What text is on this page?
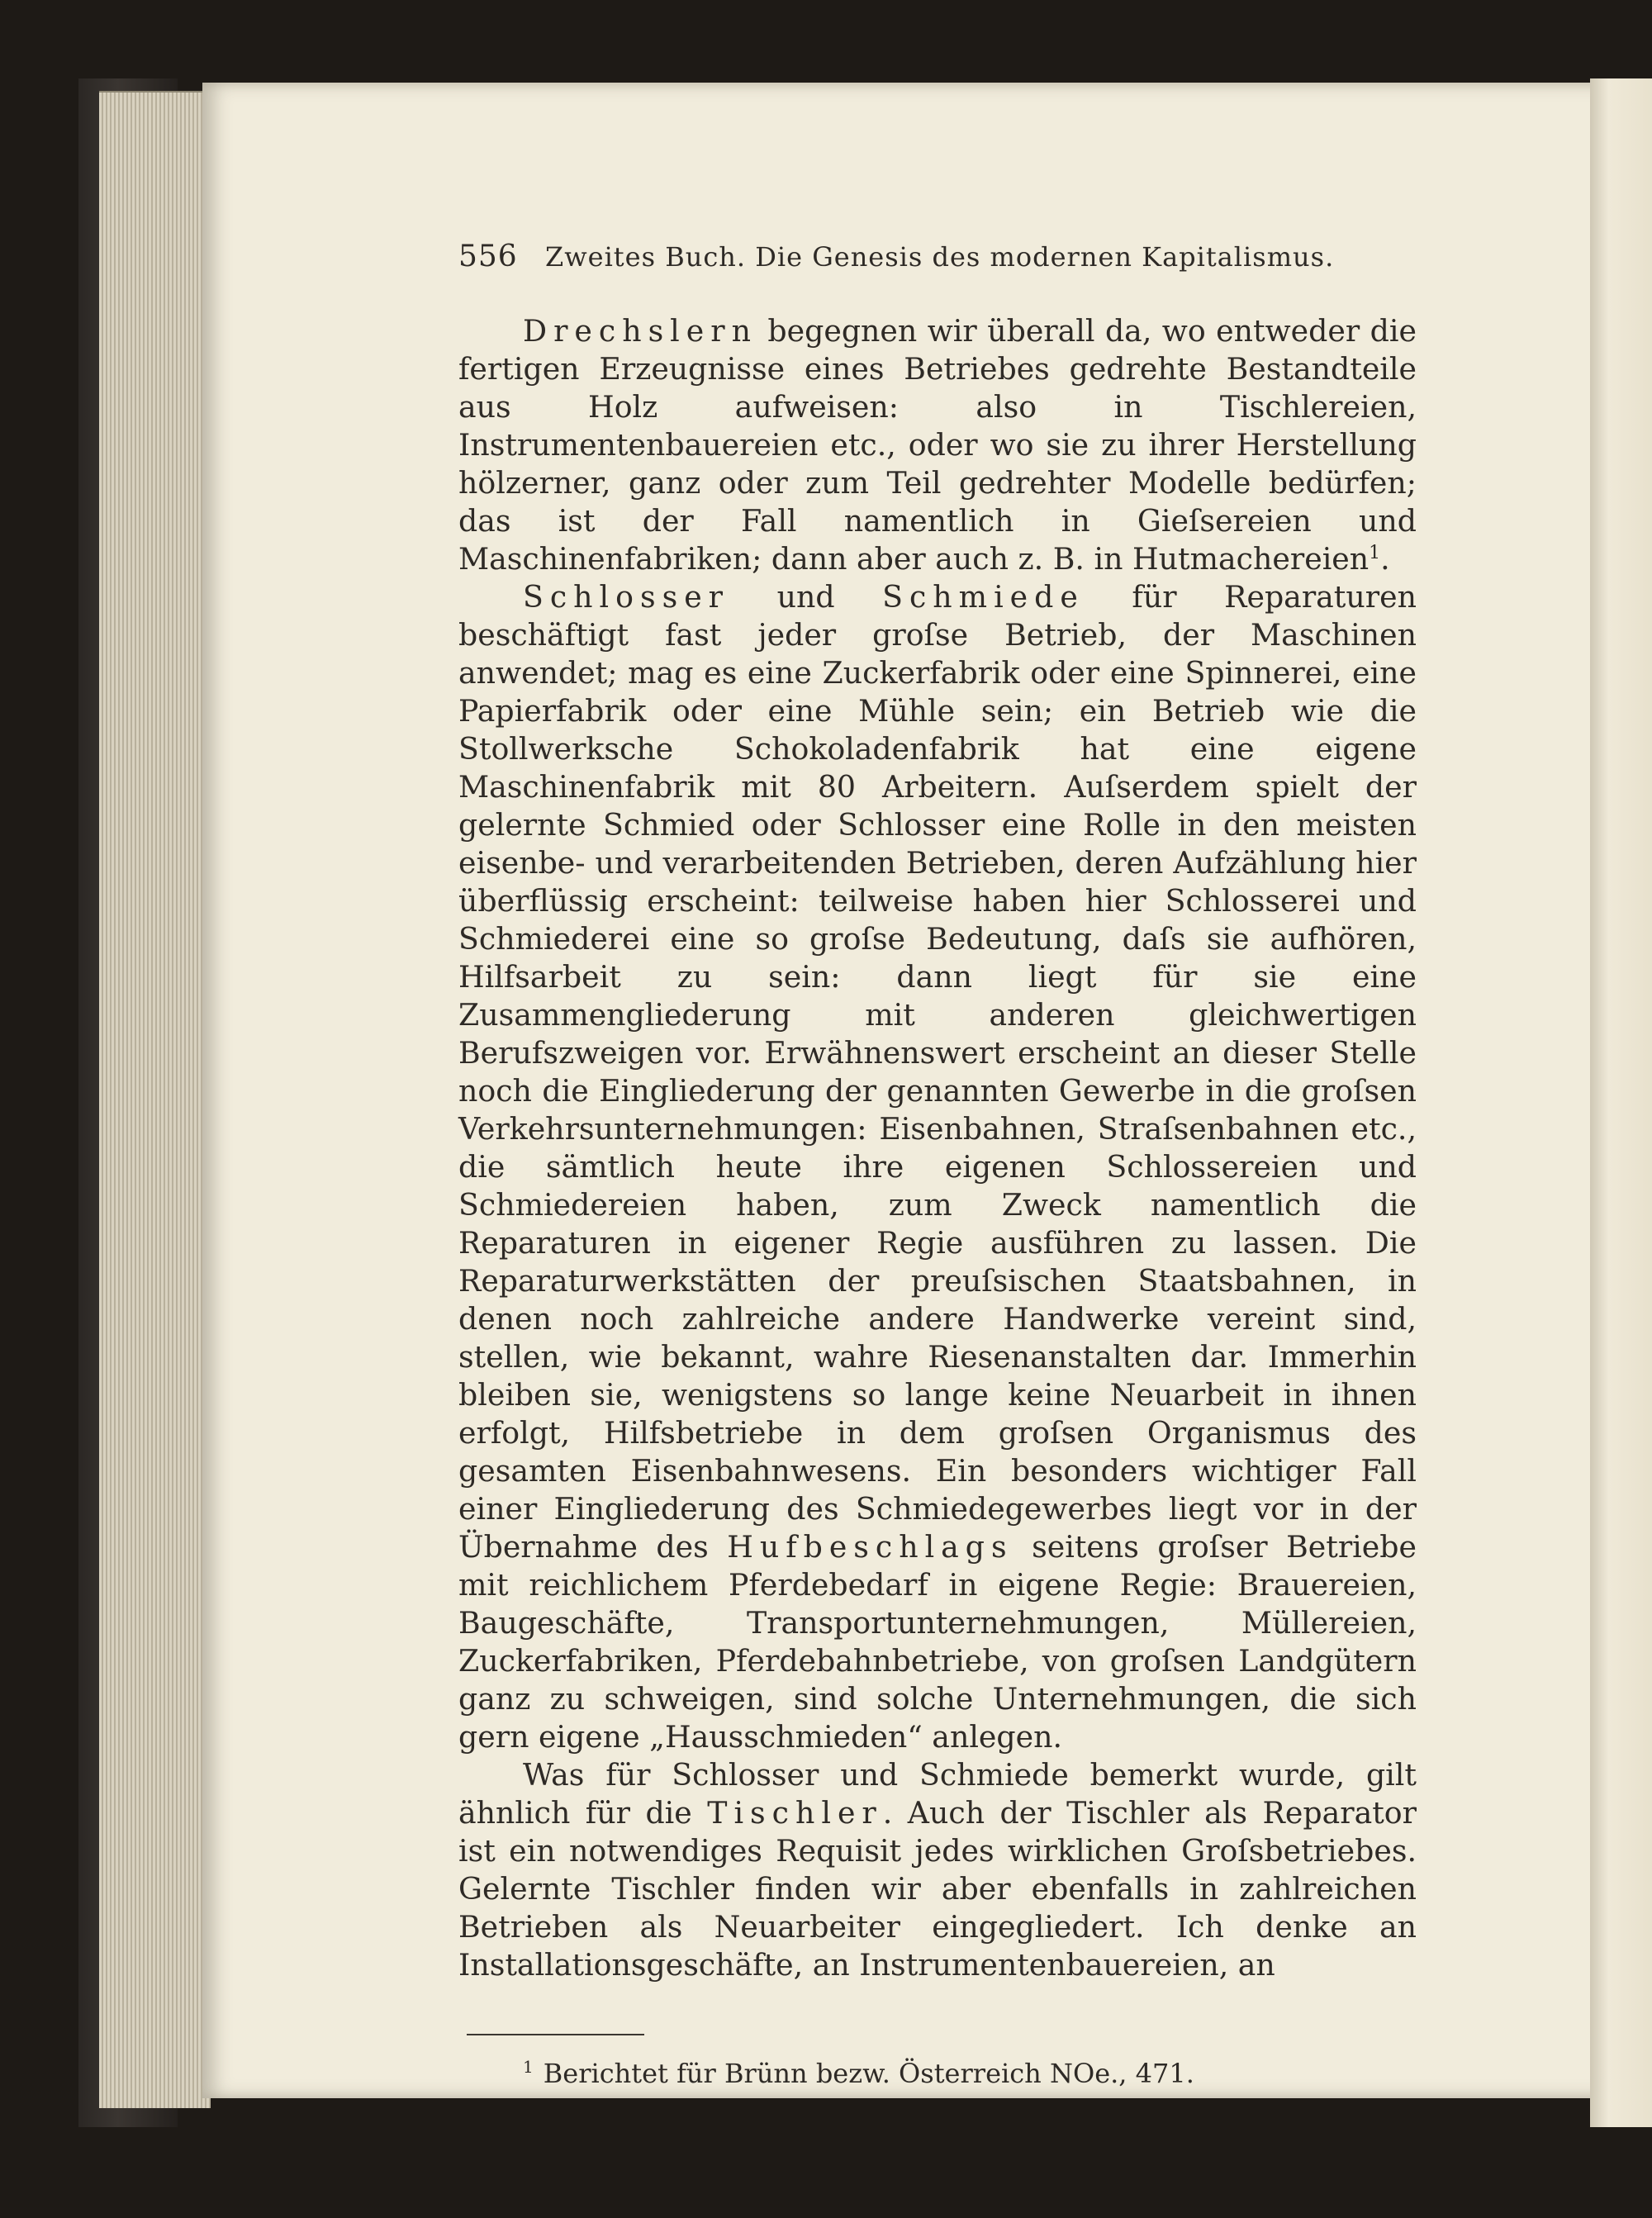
556	Zweites Buch. Die Genesis des modernen Kapitalismus.

Drechslern begegnen wir überall da, wo entweder die fertigen Erzeugnisse eines Betriebes gedrehte Bestandteile aus Holz aufweisen: also in Tischlereien, Instrumentenbauereien etc., oder wo sie zu ihrer Herstellung hölzerner, ganz oder zum Teil gedrehter Modelle bedürfen; das ist der Fall namentlich in Gieſsereien und Maschinenfabriken; dann aber auch z. B. in Hutmachereien$^1$.

Schlosser und Schmiede für Reparaturen beschäftigt fast jeder groſse Betrieb, der Maschinen anwendet; mag es eine Zuckerfabrik oder eine Spinnerei, eine Papierfabrik oder eine Mühle sein; ein Betrieb wie die Stollwerksche Schokoladenfabrik hat eine eigene Maschinenfabrik mit 80 Arbeitern. Auſserdem spielt der gelernte Schmied oder Schlosser eine Rolle in den meisten eisenbe- und verarbeitenden Betrieben, deren Aufzählung hier überflüssig erscheint: teilweise haben hier Schlosserei und Schmiederei eine so groſse Bedeutung, daſs sie aufhören, Hilfsarbeit zu sein: dann liegt für sie eine Zusammengliederung mit anderen gleichwertigen Berufszweigen vor. Erwähnenswert erscheint an dieser Stelle noch die Eingliederung der genannten Gewerbe in die groſsen Verkehrsunternehmungen: Eisenbahnen, Straſsenbahnen etc., die sämtlich heute ihre eigenen Schlossereien und Schmiedereien haben, zum Zweck namentlich die Reparaturen in eigener Regie ausführen zu lassen. Die Reparaturwerkstätten der preuſsischen Staatsbahnen, in denen noch zahlreiche andere Handwerke vereint sind, stellen, wie bekannt, wahre Riesenanstalten dar. Immerhin bleiben sie, wenigstens so lange keine Neuarbeit in ihnen erfolgt, Hilfsbetriebe in dem groſsen Organismus des gesamten Eisenbahnwesens. Ein besonders wichtiger Fall einer Eingliederung des Schmiedegewerbes liegt vor in der Übernahme des Hufbeschlags seitens groſser Betriebe mit reichlichem Pferdebedarf in eigene Regie: Brauereien, Baugeschäfte, Transportunternehmungen, Müllereien, Zuckerfabriken, Pferdebahnbetriebe, von groſsen Landgütern ganz zu schweigen, sind solche Unternehmungen, die sich gern eigene „Hausschmieden“ anlegen.

Was für Schlosser und Schmiede bemerkt wurde, gilt ähnlich für die Tischler. Auch der Tischler als Reparator ist ein notwendiges Requisit jedes wirklichen Groſsbetriebes. Gelernte Tischler finden wir aber ebenfalls in zahlreichen Betrieben als Neuarbeiter eingegliedert. Ich denke an Installationsgeschäfte, an Instrumentenbauereien, an

$^1$ Berichtet für Brünn bezw. Österreich NOe., 471.
